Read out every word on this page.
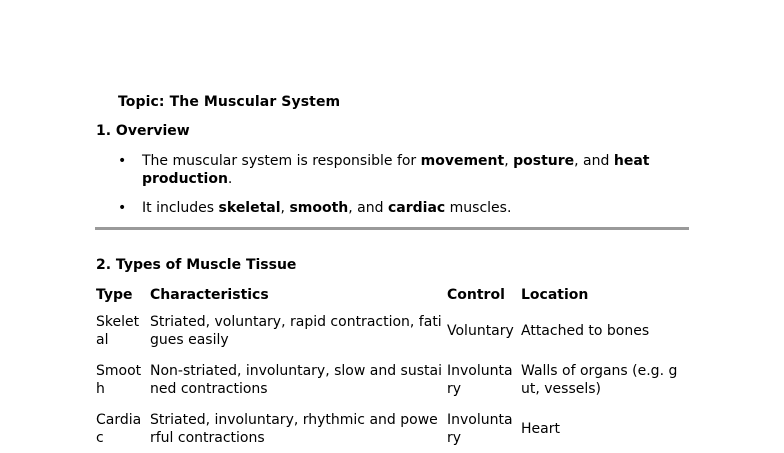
Topic: The Muscular System
1. Overview
• The muscular system is responsible for movement, posture, and heat production.
• It includes skeletal, smooth, and cardiac muscles.
2. Types of Muscle Tissue
Type	Characteristics	Control	Location
Skeletal	Striated, voluntary, rapid contraction, fatigues easily	Voluntary	Attached to bones
Smooth	Non-striated, involuntary, slow and sustained contractions	Involuntary	Walls of organs (e.g. gut, vessels)
Cardiac	Striated, involuntary, rhythmic and powerful contractions	Involuntary	Heart
